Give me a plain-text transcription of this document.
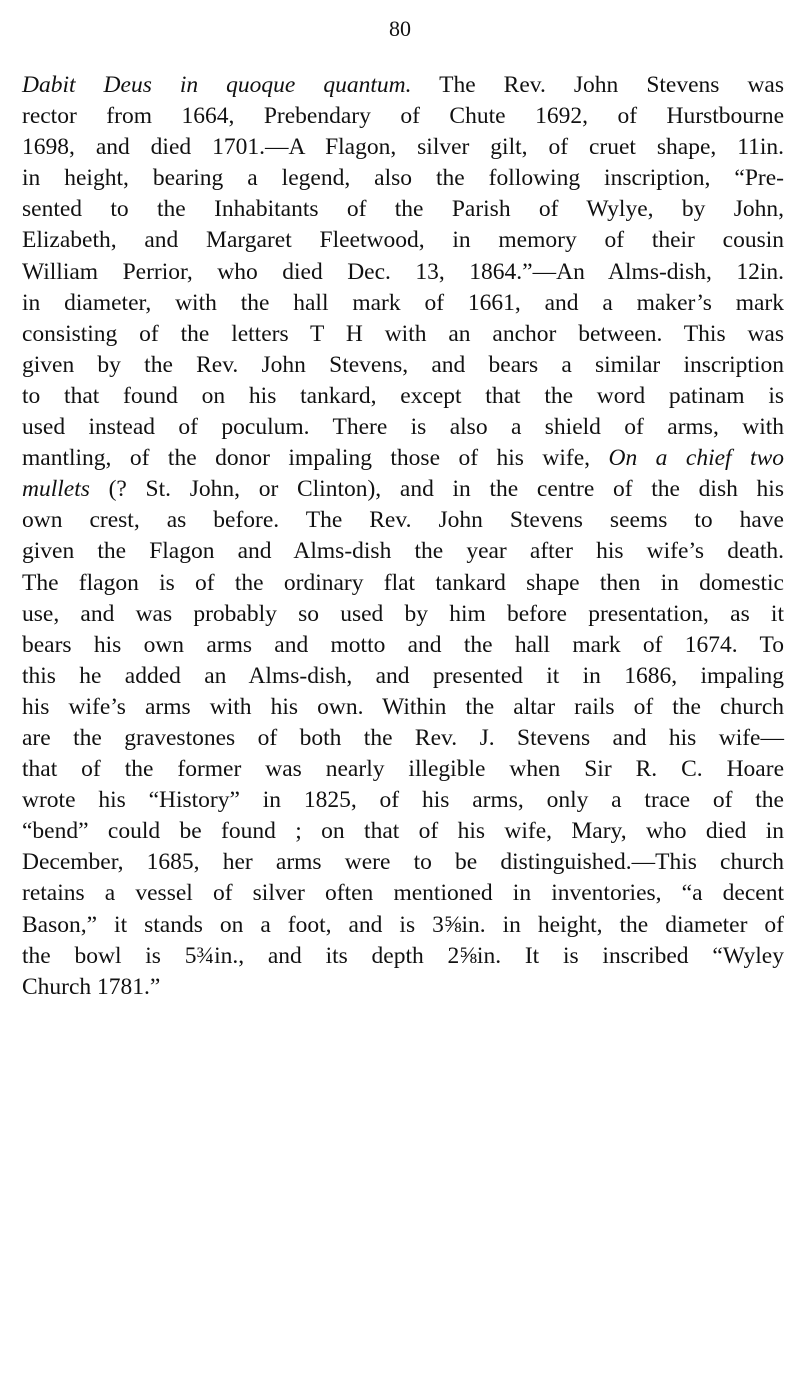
80
Dabit Deus in quoque quantum. The Rev. John Stevens was
rector from 1664, Prebendary of Chute 1692, of Hurstbourne
1698, and died 1701.—A Flagon, silver gilt, of cruet shape, 11in.
in height, bearing a legend, also the following inscription, “Pre-
sented to the Inhabitants of the Parish of Wylye, by John,
Elizabeth, and Margaret Fleetwood, in memory of their cousin
William Perrior, who died Dec. 13, 1864.”—An Alms-dish, 12in.
in diameter, with the hall mark of 1661, and a maker’s mark
consisting of the letters T H with an anchor between. This was
given by the Rev. John Stevens, and bears a similar inscription
to that found on his tankard, except that the word patinam is
used instead of poculum. There is also a shield of arms, with
mantling, of the donor impaling those of his wife, On a chief two
mullets (? St. John, or Clinton), and in the centre of the dish his
own crest, as before. The Rev. John Stevens seems to have
given the Flagon and Alms-dish the year after his wife’s death.
The flagon is of the ordinary flat tankard shape then in domestic
use, and was probably so used by him before presentation, as it
bears his own arms and motto and the hall mark of 1674. To
this he added an Alms-dish, and presented it in 1686, impaling
his wife’s arms with his own. Within the altar rails of the church
are the gravestones of both the Rev. J. Stevens and his wife—
that of the former was nearly illegible when Sir R. C. Hoare
wrote his “History” in 1825, of his arms, only a trace of the
“bend” could be found ; on that of his wife, Mary, who died in
December, 1685, her arms were to be distinguished.—This church
retains a vessel of silver often mentioned in inventories, “a decent
Bason,” it stands on a foot, and is 3⅝in. in height, the diameter of
the bowl is 5¾in., and its depth 2⅝in. It is inscribed “Wyley
Church 1781.”
